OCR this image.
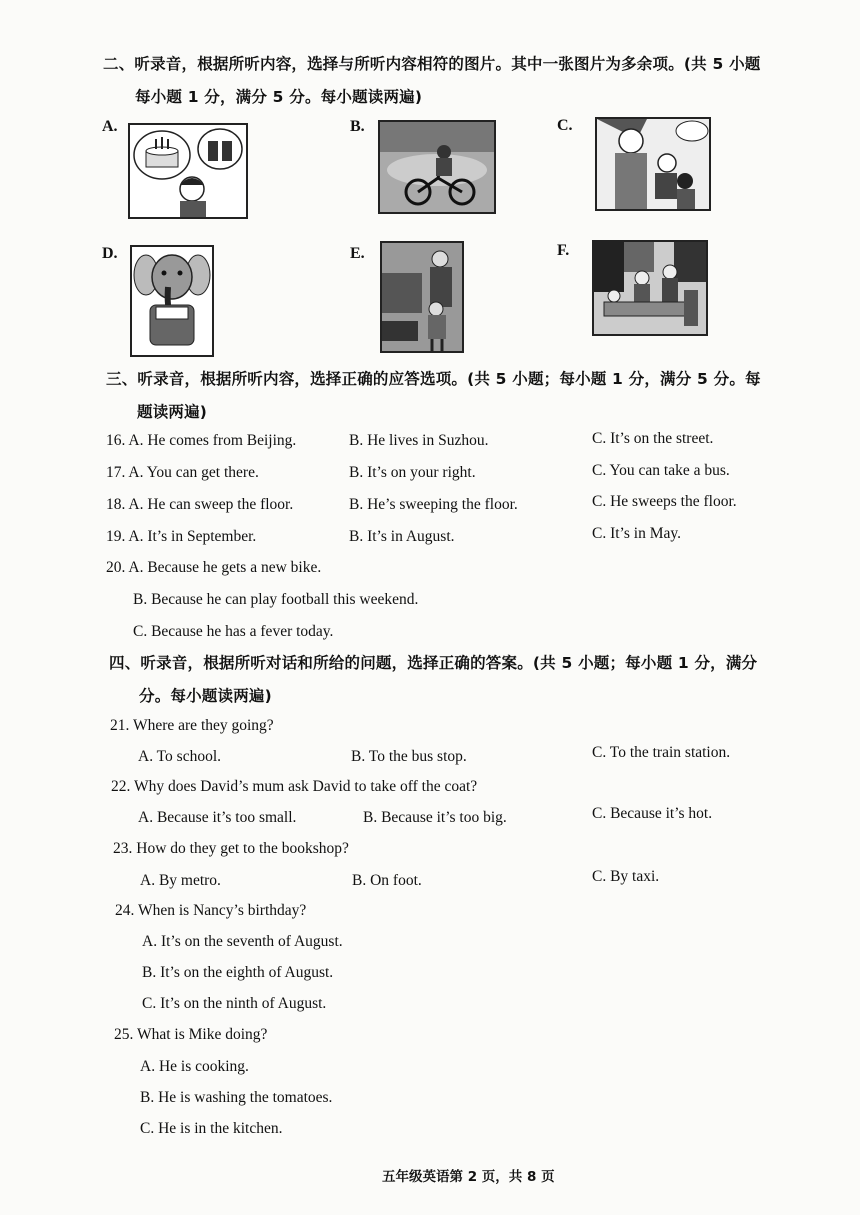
二、听录音，根据所听内容，选择与所听内容相符的图片。其中一张图片为多余项。(共 5 小题
每小题 1 分，满分 5 分。每小题读两遍)
A.	B.	C.
D.	E.	F.
三、听录音，根据所听内容，选择正确的应答选项。(共 5 小题；每小题 1 分，满分 5 分。每
题读两遍)
16. A. He comes from Beijing.	B. He lives in Suzhou.	C. It’s on the street.
17. A. You can get there.	B. It’s on your right.	C. You can take a bus.
18. A. He can sweep the floor.	B. He’s sweeping the floor.	C. He sweeps the floor.
19. A. It’s in September.	B. It’s in August.	C. It’s in May.
20. A. Because he gets a new bike.
B. Because he can play football this weekend.
C. Because he has a fever today.
四、听录音，根据所听对话和所给的问题，选择正确的答案。(共 5 小题；每小题 1 分，满分
分。每小题读两遍)
21. Where are they going?
A. To school.	B. To the bus stop.	C. To the train station.
22. Why does David’s mum ask David to take off the coat?
A. Because it’s too small.	B. Because it’s too big.	C. Because it’s hot.
23. How do they get to the bookshop?
A. By metro.	B. On foot.	C. By taxi.
24. When is Nancy’s birthday?
A. It’s on the seventh of August.
B. It’s on the eighth of August.
C. It’s on the ninth of August.
25. What is Mike doing?
A. He is cooking.
B. He is washing the tomatoes.
C. He is in the kitchen.
五年级英语第 2 页，共 8 页
